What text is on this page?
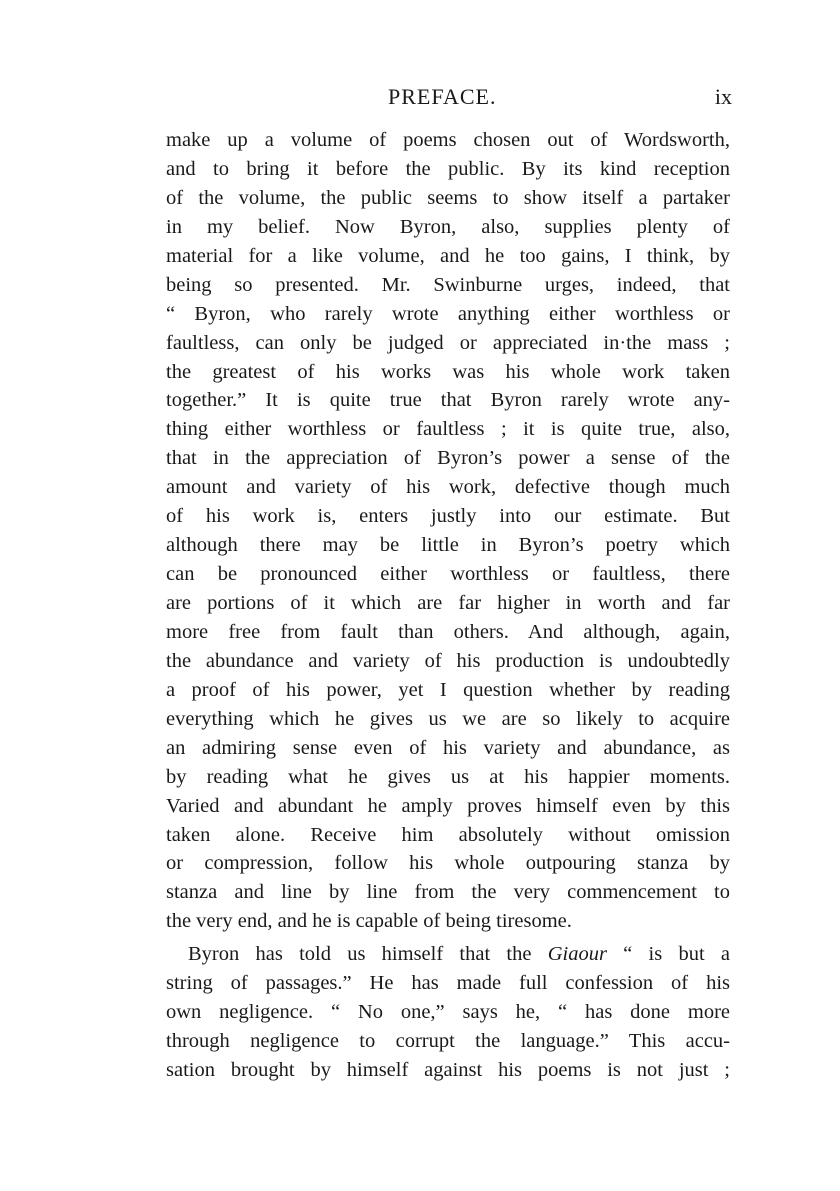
PREFACE.	ix
make up a volume of poems chosen out of Wordsworth,
and to bring it before the public. By its kind reception
of the volume, the public seems to show itself a partaker
in my belief. Now Byron, also, supplies plenty of
material for a like volume, and he too gains, I think, by
being so presented. Mr. Swinburne urges, indeed, that
“ Byron, who rarely wrote anything either worthless or
faultless, can only be judged or appreciated in·the mass ;
the greatest of his works was his whole work taken
together.” It is quite true that Byron rarely wrote any-
thing either worthless or faultless ; it is quite true, also,
that in the appreciation of Byron’s power a sense of the
amount and variety of his work, defective though much
of his work is, enters justly into our estimate. But
although there may be little in Byron’s poetry which
can be pronounced either worthless or faultless, there
are portions of it which are far higher in worth and far
more free from fault than others. And although, again,
the abundance and variety of his production is undoubtedly
a proof of his power, yet I question whether by reading
everything which he gives us we are so likely to acquire
an admiring sense even of his variety and abundance, as
by reading what he gives us at his happier moments.
Varied and abundant he amply proves himself even by this
taken alone. Receive him absolutely without omission
or compression, follow his whole outpouring stanza by
stanza and line by line from the very commencement to
the very end, and he is capable of being tiresome.
Byron has told us himself that the Giaour “ is but a
string of passages.” He has made full confession of his
own negligence. “ No one,” says he, “ has done more
through negligence to corrupt the language.” This accu-
sation brought by himself against his poems is not just ;
